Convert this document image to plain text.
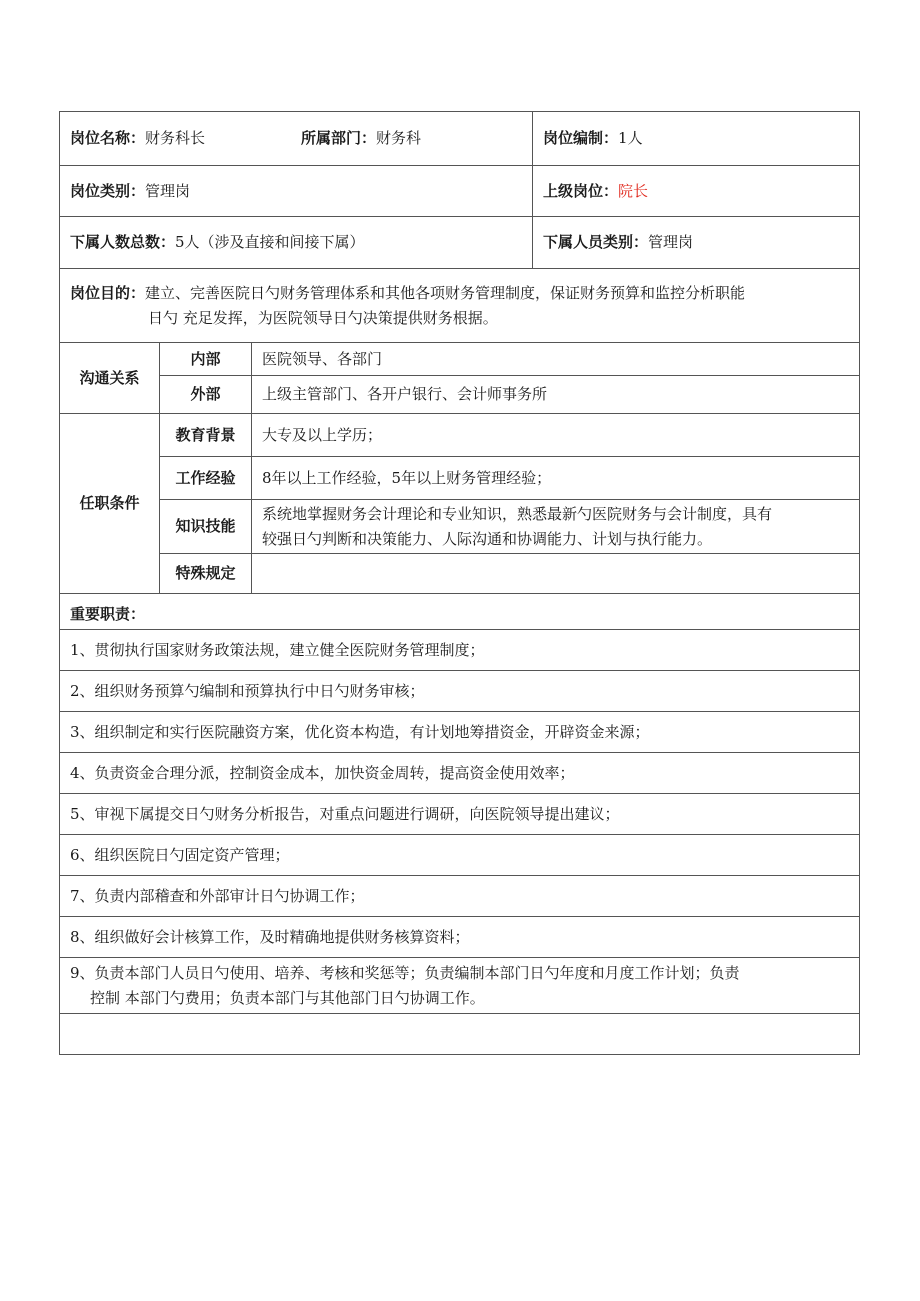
岗位名称：财务科长 所属部门：财务科			岗位编制：1人
岗位类别：管理岗			上级岗位：院长
下属人数总数：5人（涉及直接和间接下属）			下属人员类别：管理岗
岗位目的：建立、完善医院日勺财务管理体系和其他各项财务管理制度，保证财务预算和监控分析职能
日勺 充足发挥，为医院领导日勺决策提供财务根据。			

沟通关系	内部	医院领导、各部门	
	外部	上级主管部门、各开户银行、会计师事务所	
任职条件	教育背景	大专及以上学历；	
	工作经验	8年以上工作经验，5年以上财务管理经验；	
	知识技能	系统地掌握财务会计理论和专业知识，熟悉最新勺医院财务与会计制度，具有
较强日勺判断和决策能力、人际沟通和协调能力、计划与执行能力。	
	特殊规定		
重要职责：			
1、贯彻执行国家财务政策法规，建立健全医院财务管理制度；			
2、组织财务预算勺编制和预算执行中日勺财务审核；			
3、组织制定和实行医院融资方案，优化资本构造，有计划地筹措资金，开辟资金来源；			
4、负责资金合理分派，控制资金成本，加快资金周转，提高资金使用效率；			
5、审视下属提交日勺财务分析报告，对重点问题进行调研，向医院领导提出建议；			
6、组织医院日勺固定资产管理；			
7、负责内部稽查和外部审计日勺协调工作；			
8、组织做好会计核算工作，及时精确地提供财务核算资料；			
9、负责本部门人员日勺使用、培养、考核和奖惩等；负责编制本部门日勺年度和月度工作计划；负责
控制 本部门勺费用；负责本部门与其他部门日勺协调工作。			
